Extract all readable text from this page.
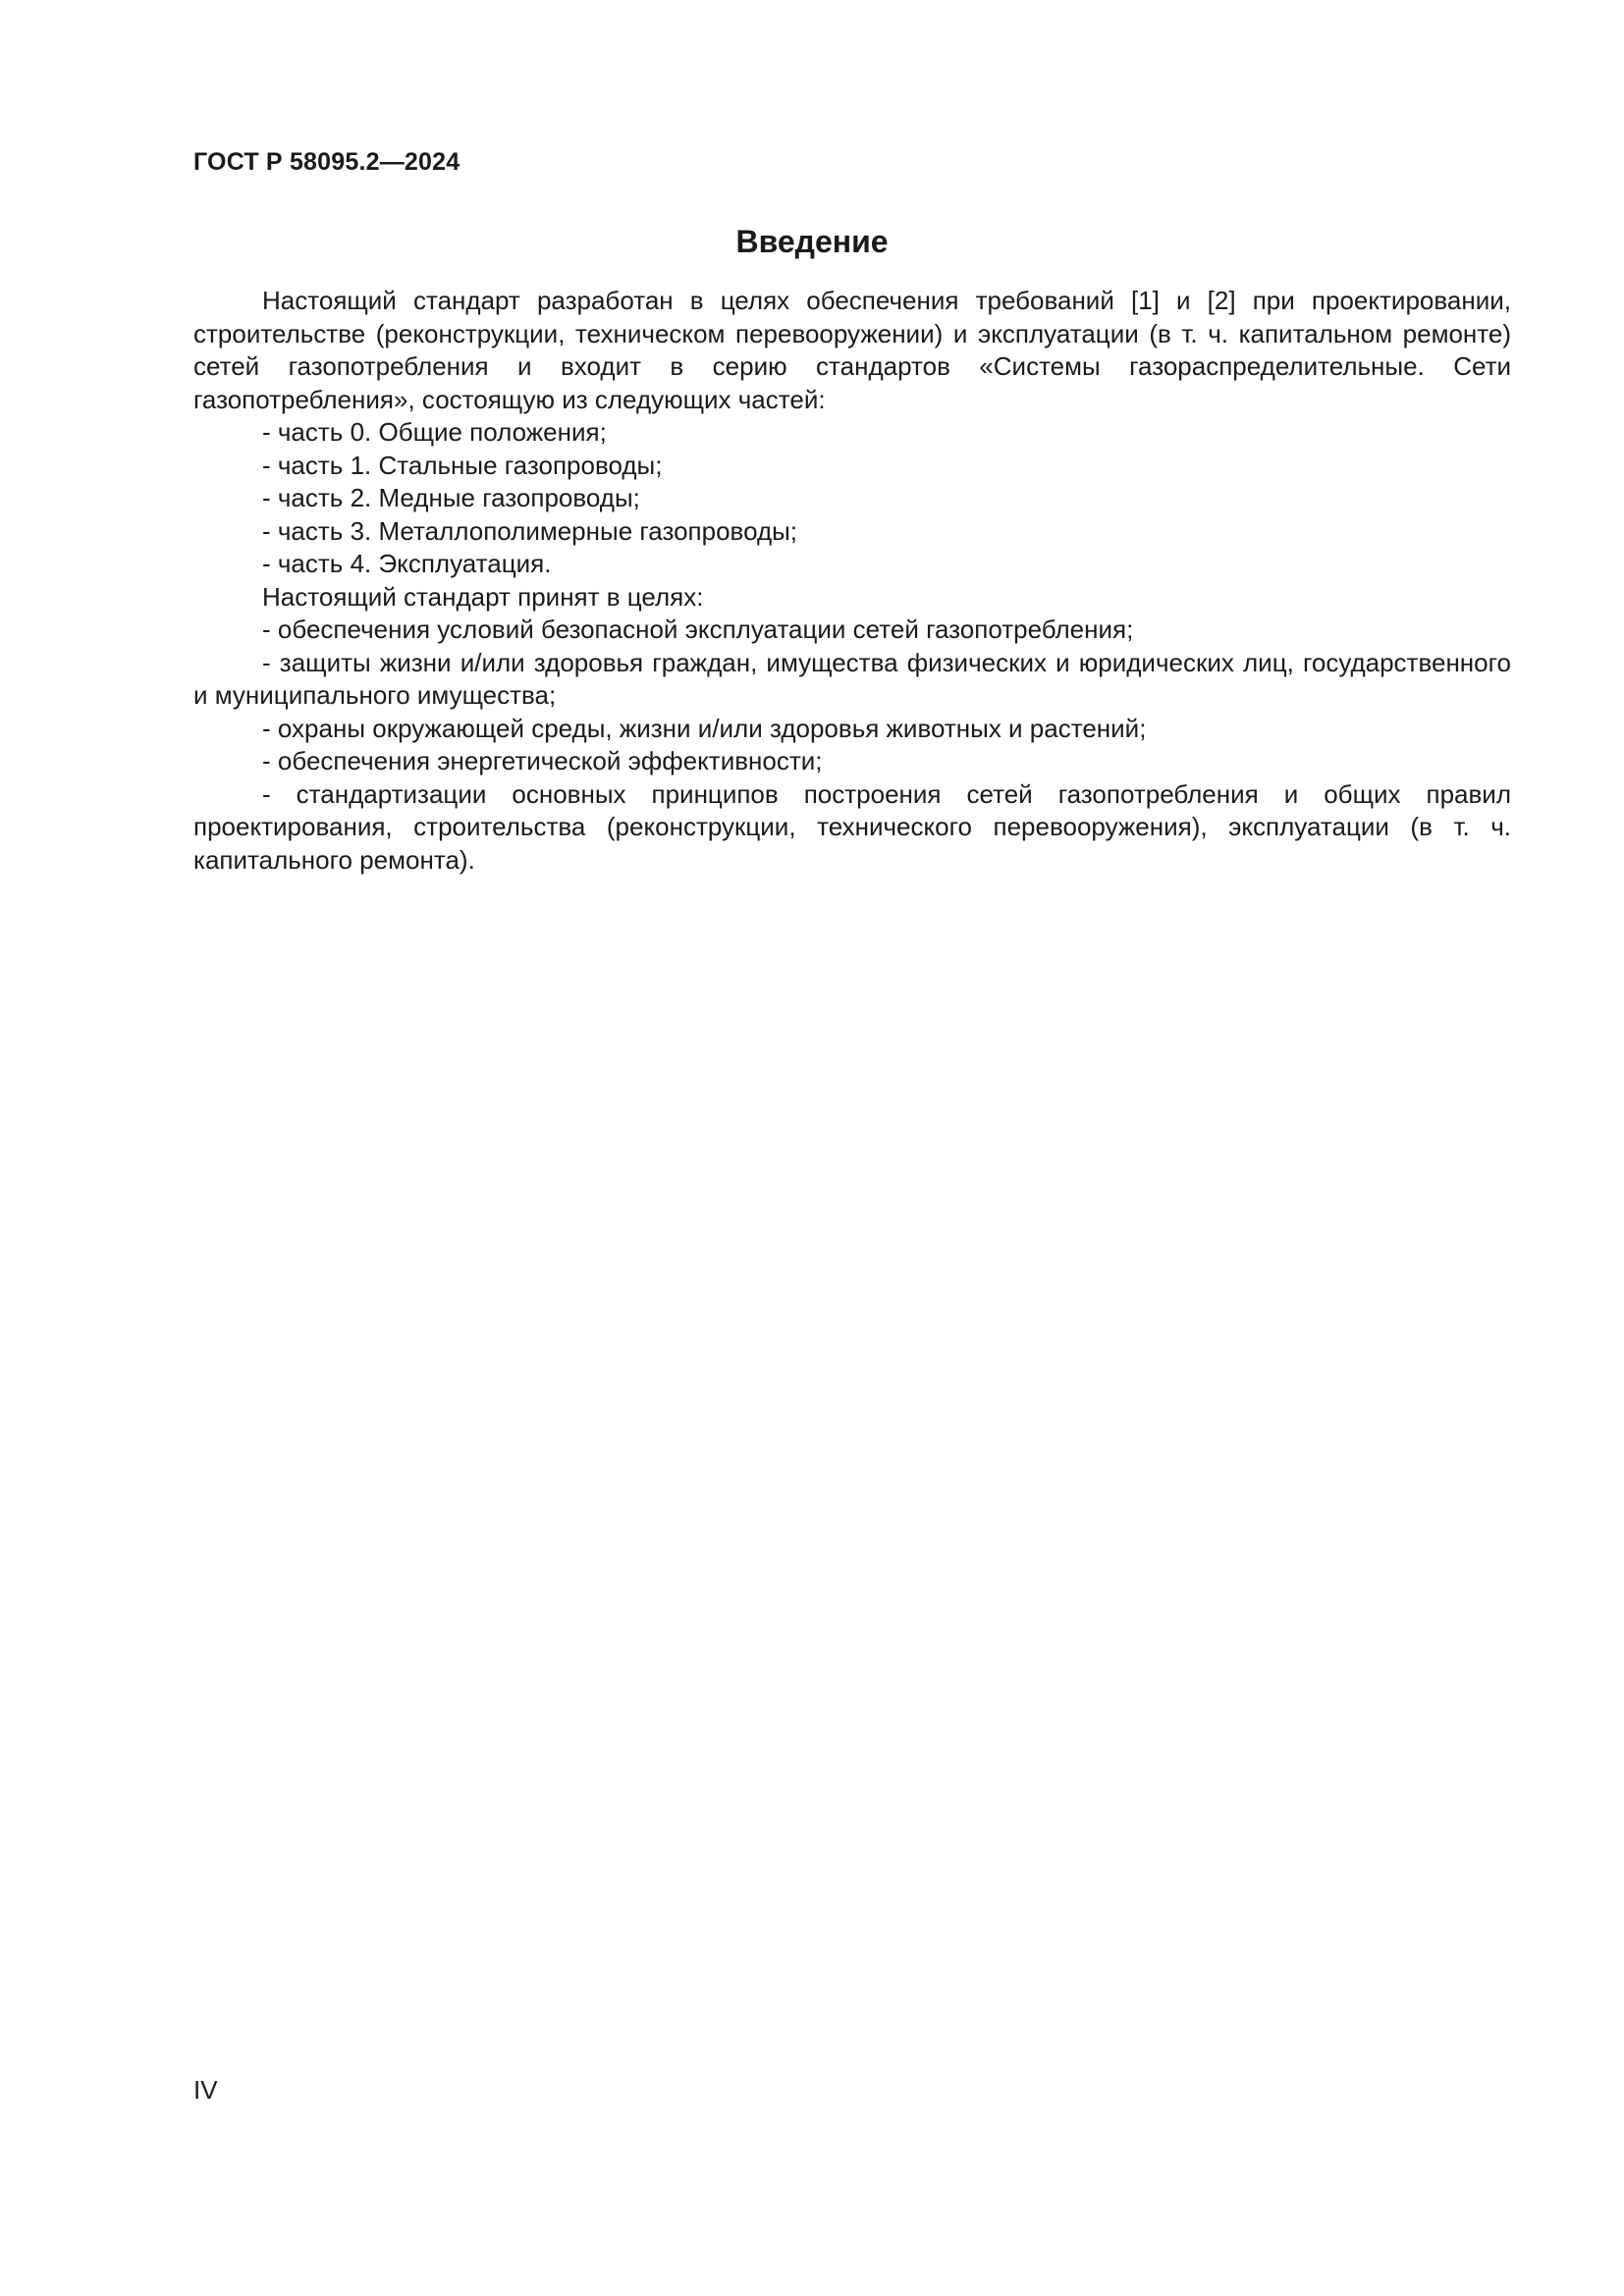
ГОСТ Р 58095.2—2024
Введение

Настоящий стандарт разработан в целях обеспечения требований [1] и [2] при проектировании, строительстве (реконструкции, техническом перевооружении) и эксплуатации (в т. ч. капитальном ремонте) сетей газопотребления и входит в серию стандартов «Системы газораспределительные. Сети газопотребления», состоящую из следующих частей:

- часть 0. Общие положения;

- часть 1. Стальные газопроводы;

- часть 2. Медные газопроводы;

- часть 3. Металлополимерные газопроводы;

- часть 4. Эксплуатация.

Настоящий стандарт принят в целях:

- обеспечения условий безопасной эксплуатации сетей газопотребления;

- защиты жизни и/или здоровья граждан, имущества физических и юридических лиц, государственного и муниципального имущества;

- охраны окружающей среды, жизни и/или здоровья животных и растений;

- обеспечения энергетической эффективности;

- стандартизации основных принципов построения сетей газопотребления и общих правил проектирования, строительства (реконструкции, технического перевооружения), эксплуатации (в т. ч. капитального ремонта).

IV
